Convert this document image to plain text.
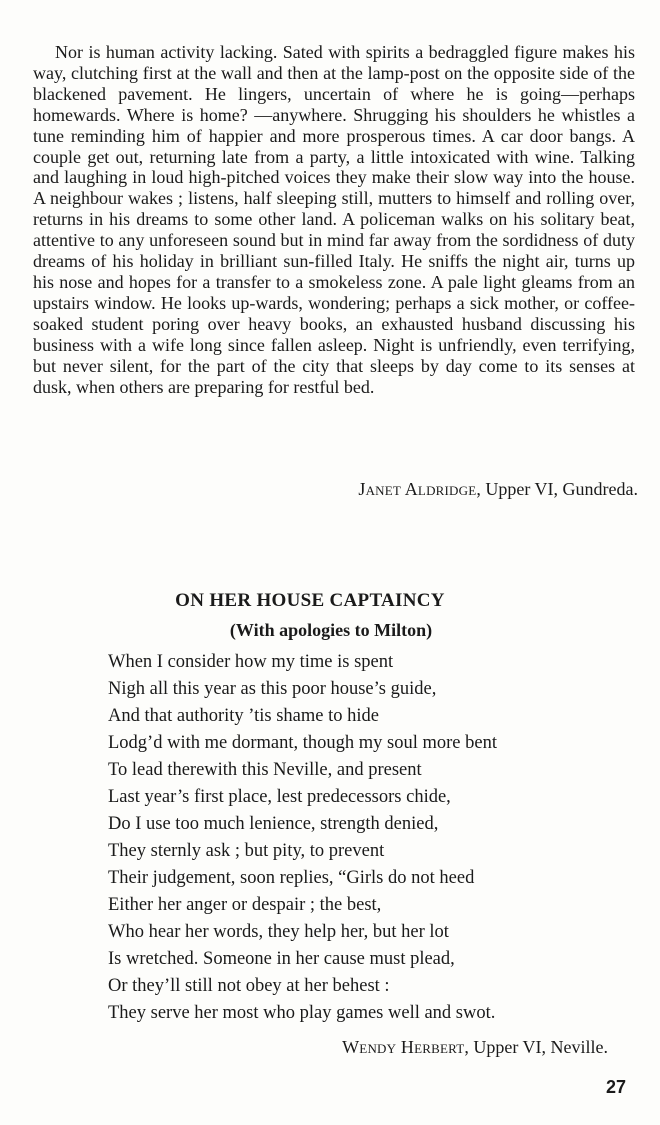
Nor is human activity lacking. Sated with spirits a bedraggled figure makes his way, clutching first at the wall and then at the lamp-post on the opposite side of the blackened pavement. He lingers, uncertain of where he is going—perhaps homewards. Where is home? —anywhere. Shrugging his shoulders he whistles a tune reminding him of happier and more prosperous times. A car door bangs. A couple get out, returning late from a party, a little intoxicated with wine. Talking and laughing in loud high-pitched voices they make their slow way into the house. A neighbour wakes ; listens, half sleeping still, mutters to himself and rolling over, returns in his dreams to some other land. A policeman walks on his solitary beat, attentive to any unforeseen sound but in mind far away from the sordidness of duty dreams of his holiday in brilliant sun-filled Italy. He sniffs the night air, turns up his nose and hopes for a transfer to a smokeless zone. A pale light gleams from an upstairs window. He looks up-wards, wondering; perhaps a sick mother, or coffee-soaked student poring over heavy books, an exhausted husband discussing his business with a wife long since fallen asleep. Night is unfriendly, even terrifying, but never silent, for the part of the city that sleeps by day come to its senses at dusk, when others are preparing for restful bed.

Janet Aldridge, Upper VI, Gundreda.

ON HER HOUSE CAPTAINCY
(With apologies to Milton)
When I consider how my time is spent
Nigh all this year as this poor house’s guide,
And that authority ’tis shame to hide
Lodg’d with me dormant, though my soul more bent
To lead therewith this Neville, and present
Last year’s first place, lest predecessors chide,
Do I use too much lenience, strength denied,
They sternly ask ; but pity, to prevent
Their judgement, soon replies, “Girls do not heed
Either her anger or despair ; the best,
Who hear her words, they help her, but her lot
Is wretched. Someone in her cause must plead,
Or they’ll still not obey at her behest :
They serve her most who play games well and swot.

Wendy Herbert, Upper VI, Neville.

27
